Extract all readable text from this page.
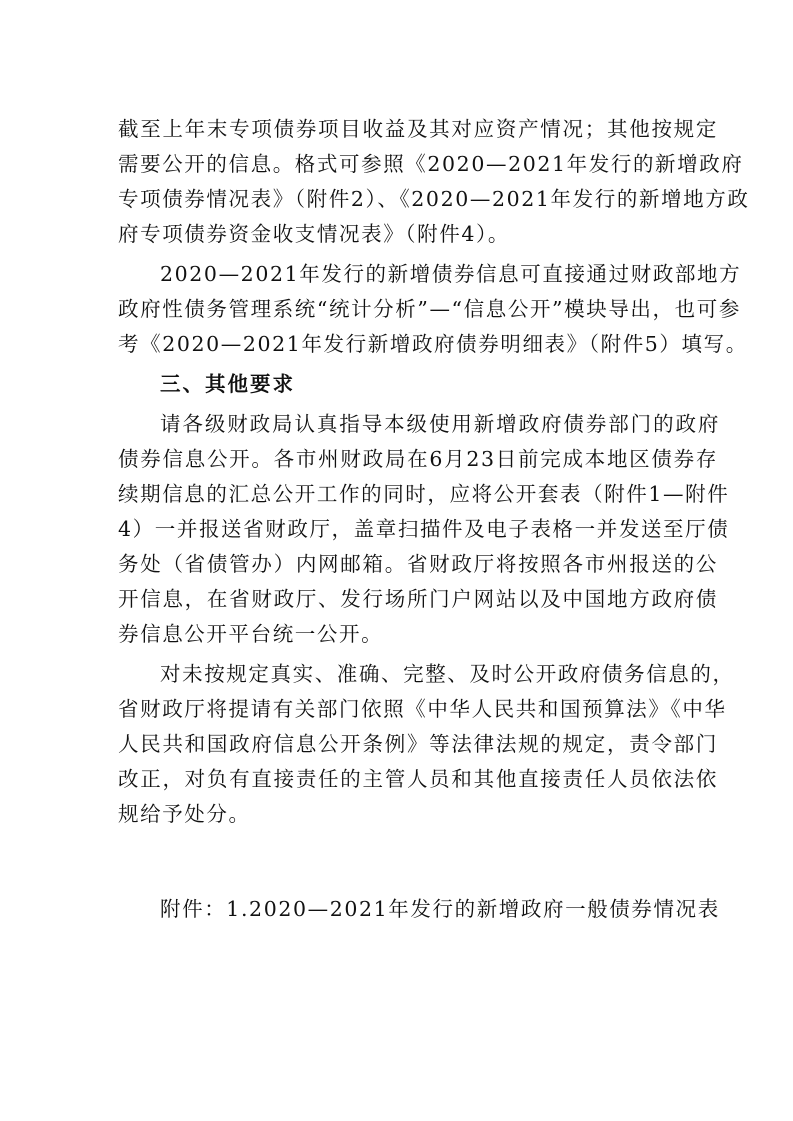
截至上年末专项债券项目收益及其对应资产情况；其他按规定
需要公开的信息。格式可参照《2020—2021年发行的新增政府
专项债券情况表》（附件2）、《2020—2021年发行的新增地方政
府专项债券资金收支情况表》（附件4）。
2020—2021年发行的新增债券信息可直接通过财政部地方
政府性债务管理系统“统计分析”—“信息公开”模块导出，也可参
考《2020—2021年发行新增政府债券明细表》（附件5）填写。
三、其他要求
请各级财政局认真指导本级使用新增政府债券部门的政府
债券信息公开。各市州财政局在6月23日前完成本地区债券存
续期信息的汇总公开工作的同时，应将公开套表（附件1—附件
4）一并报送省财政厅，盖章扫描件及电子表格一并发送至厅债
务处（省债管办）内网邮箱。省财政厅将按照各市州报送的公
开信息，在省财政厅、发行场所门户网站以及中国地方政府债
券信息公开平台统一公开。
对未按规定真实、准确、完整、及时公开政府债务信息的，
省财政厅将提请有关部门依照《中华人民共和国预算法》《中华
人民共和国政府信息公开条例》等法律法规的规定，责令部门
改正，对负有直接责任的主管人员和其他直接责任人员依法依
规给予处分。
附件：1.2020—2021年发行的新增政府一般债券情况表
